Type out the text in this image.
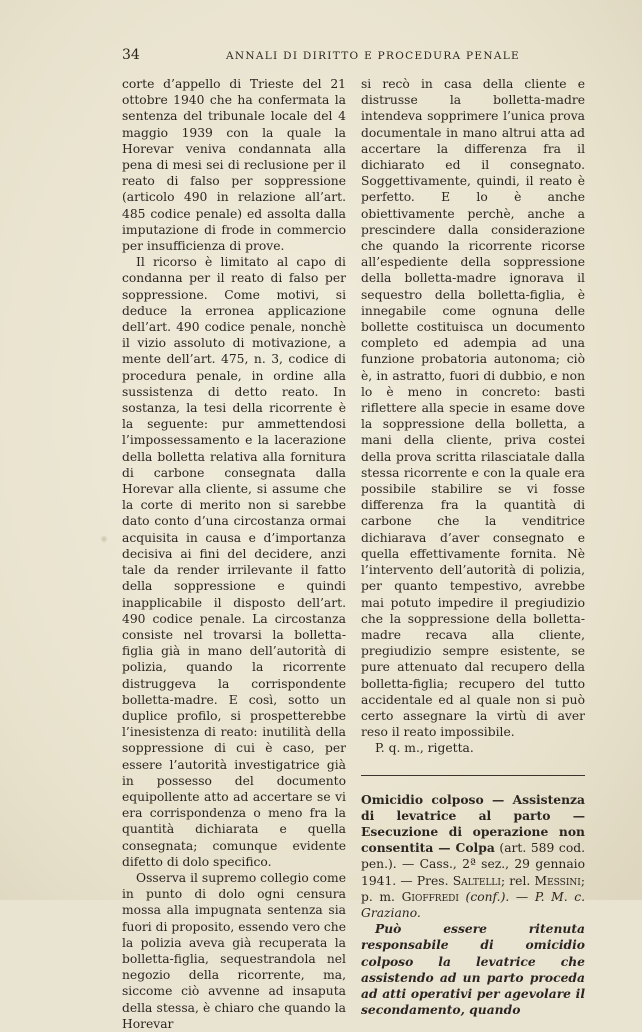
34	ANNALI DI DIRITTO E PROCEDURA PENALE

corte d’appello di Trieste del 21 ottobre 1940 che ha confermata la sentenza del tribunale locale del 4 maggio 1939 con la quale la Horevar veniva condannata alla pena di mesi sei di reclusione per il reato di falso per soppressione (articolo 490 in relazione all’art. 485 codice penale) ed assolta dalla imputazione di frode in commercio per insufficienza di prove.

Il ricorso è limitato al capo di condanna per il reato di falso per soppressione. Come motivi, si deduce la erronea applicazione dell’art. 490 codice penale, nonchè il vizio assoluto di motivazione, a mente dell’art. 475, n. 3, codice di procedura penale, in ordine alla sussistenza di detto reato. In sostanza, la tesi della ricorrente è la seguente: pur ammettendosi l’impossessamento e la lacerazione della bolletta relativa alla fornitura di carbone consegnata dalla Horevar alla cliente, si assume che la corte di merito non si sarebbe dato conto d’una circostanza ormai acquisita in causa e d’importanza decisiva ai fini del decidere, anzi tale da render irrilevante il fatto della soppressione e quindi inapplicabile il disposto dell’art. 490 codice penale. La circostanza consiste nel trovarsi la bolletta-figlia già in mano dell’autorità di polizia, quando la ricorrente distruggeva la corrispondente bolletta-madre. E così, sotto un duplice profilo, si prospetterebbe l’inesistenza di reato: inutilità della soppressione di cui è caso, per essere l’autorità investigatrice già in possesso del documento equipollente atto ad accertare se vi era corrispondenza o meno fra la quantità dichiarata e quella consegnata; comunque evidente difetto di dolo specifico.

Osserva il supremo collegio come in punto di dolo ogni censura mossa alla impugnata sentenza sia fuori di proposito, essendo vero che la polizia aveva già recuperata la bolletta-figlia, sequestrandola nel negozio della ricorrente, ma, siccome ciò avvenne ad insaputa della stessa, è chiaro che quando la Horevar

si recò in casa della cliente e distrusse la bolletta-madre intendeva sopprimere l’unica prova documentale in mano altrui atta ad accertare la differenza fra il dichiarato ed il consegnato. Soggettivamente, quindi, il reato è perfetto. E lo è anche obiettivamente perchè, anche a prescindere dalla considerazione che quando la ricorrente ricorse all’espediente della soppressione della bolletta-madre ignorava il sequestro della bolletta-figlia, è innegabile come ognuna delle bollette costituisca un documento completo ed adempia ad una funzione probatoria autonoma; ciò è, in astratto, fuori di dubbio, e non lo è meno in concreto: basti riflettere alla specie in esame dove la soppressione della bolletta, a mani della cliente, priva costei della prova scritta rilasciatale dalla stessa ricorrente e con la quale era possibile stabilire se vi fosse differenza fra la quantità di carbone che la venditrice dichiarava d’aver consegnato e quella effettivamente fornita. Nè l’intervento dell’autorità di polizia, per quanto tempestivo, avrebbe mai potuto impedire il pregiudizio che la soppressione della bolletta-madre recava alla cliente, pregiudizio sempre esistente, se pure attenuato dal recupero della bolletta-figlia; recupero del tutto accidentale ed al quale non si può certo assegnare la virtù di aver reso il reato impossibile.

P. q. m., rigetta.

Omicidio colposo — Assistenza di levatrice al parto — Esecuzione di operazione non consentita — Colpa (art. 589 cod. pen.). — Cass., 2ª sez., 29 gennaio 1941. — Pres. Saltelli; rel. Messini; p. m. Gioffredi (conf.). — P. M. c. Graziano.

Può essere ritenuta responsabile di omicidio colposo la levatrice che assistendo ad un parto proceda ad atti operativi per agevolare il secondamento, quando
